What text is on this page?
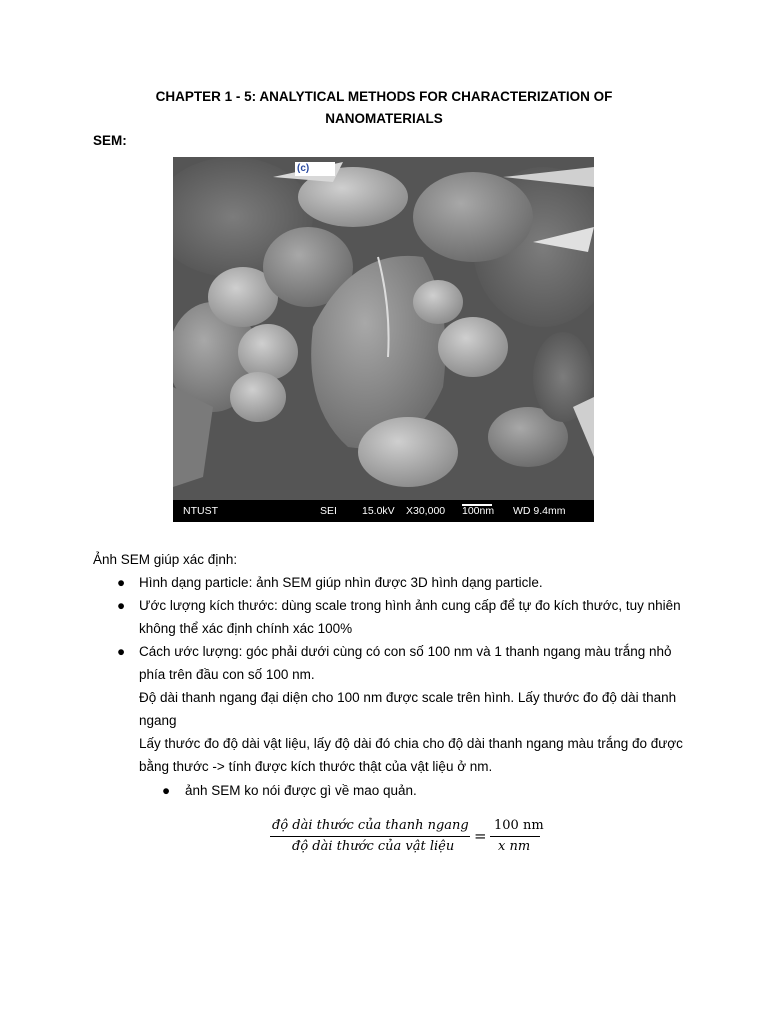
CHAPTER 1 - 5: ANALYTICAL METHODS FOR CHARACTERIZATION OF NANOMATERIALS
SEM:
(c)
NTUST	SEI 15.0kV X30,000 100nm WD 9.4mm
Ảnh SEM giúp xác định:
● Hình dạng particle: ảnh SEM giúp nhìn được 3D hình dạng particle.
● Ước lượng kích thước: dùng scale trong hình ảnh cung cấp để tự đo kích thước, tuy nhiên không thể xác định chính xác 100%
● Cách ước lượng: góc phải dưới cùng có con số 100 nm và 1 thanh ngang màu trắng nhỏ phía trên đầu con số 100 nm.
Độ dài thanh ngang đại diện cho 100 nm được scale trên hình. Lấy thước đo độ dài thanh ngang
Lấy thước đo độ dài vật liệu, lấy độ dài đó chia cho độ dài thanh ngang màu trắng đo được bằng thước -> tính được kích thước thật của vật liệu ở nm.
● ảnh SEM ko nói được gì về mao quản.
độ dài thước của thanh ngang
độ dài thước của vật liệu
=
100 nm
x nm
